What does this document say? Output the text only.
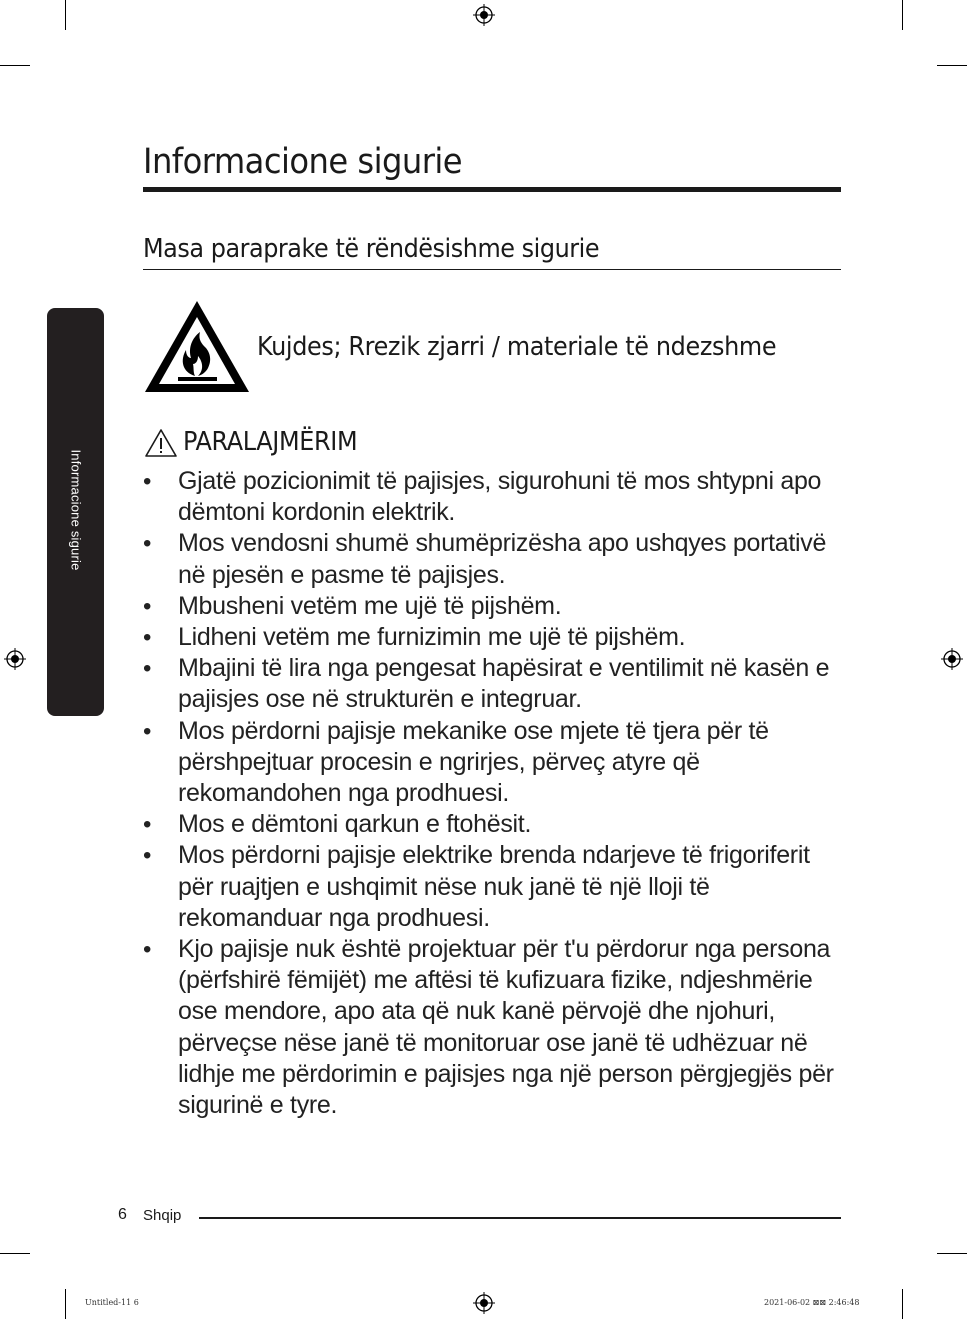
Informacione sigurie
Informacione sigurie
Masa paraprake të rëndësishme sigurie
Kujdes; Rrezik zjarri / materiale të ndezshme
PARALAJMËRIM
• Gjatë pozicionimit të pajisjes, sigurohuni të mos shtypni apo dëmtoni kordonin elektrik.
• Mos vendosni shumë shumëprizësha apo ushqyes portativë në pjesën e pasme të pajisjes.
• Mbusheni vetëm me ujë të pijshëm.
• Lidheni vetëm me furnizimin me ujë të pijshëm.
• Mbajini të lira nga pengesat hapësirat e ventilimit në kasën e pajisjes ose në strukturën e integruar.
• Mos përdorni pajisje mekanike ose mjete të tjera për të përshpejtuar procesin e ngrirjes, përveç atyre që rekomandohen nga prodhuesi.
• Mos e dëmtoni qarkun e ftohësit.
• Mos përdorni pajisje elektrike brenda ndarjeve të frigoriferit për ruajtjen e ushqimit nëse nuk janë të një lloji të rekomanduar nga prodhuesi.
• Kjo pajisje nuk është projektuar për t'u përdorur nga persona (përfshirë fëmijët) me aftësi të kufizuara fizike, ndjeshmërie ose mendore, apo ata që nuk kanë përvojë dhe njohuri, përveçse nëse janë të monitoruar ose janë të udhëzuar në lidhje me përdorimin e pajisjes nga një person përgjegjës për sigurinë e tyre.
6 Shqip
Untitled-11 6	2021-06-02 ⊠⊠ 2:46:48
